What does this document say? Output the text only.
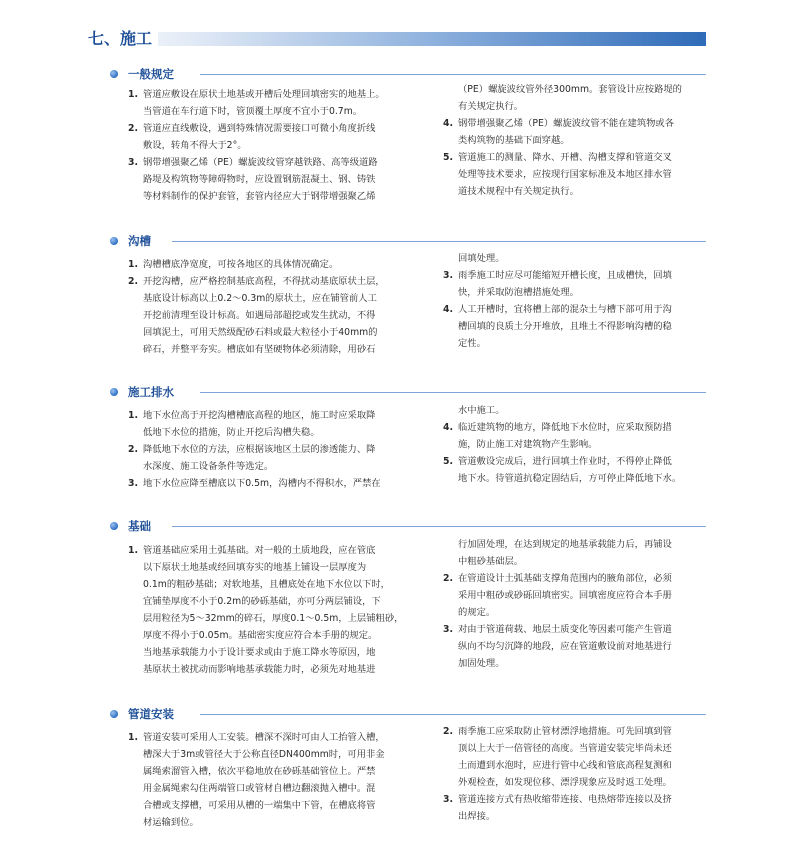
七、施工
一般规定
1. 管道应敷设在原状土地基或开槽后处理回填密实的地基上。
当管道在车行道下时，管顶覆土厚度不宜小于0.7m。
2. 管道应直线敷设，遇到特殊情况需要接口可微小角度折线
敷设，转角不得大于2°。
3. 钢带增强聚乙烯（PE）螺旋波纹管穿越铁路、高等级道路
路堤及构筑物等障碍物时，应设置钢筋混凝土、钢、铸铁
等材料制作的保护套管，套管内径应大于钢带增强聚乙烯
（PE）螺旋波纹管外径300mm。套管设计应按路堤的
有关规定执行。
4. 钢带增强聚乙烯（PE）螺旋波纹管不能在建筑物或各
类构筑物的基础下面穿越。
5. 管道施工的测量、降水、开槽、沟槽支撑和管道交叉
处理等技术要求，应按现行国家标准及本地区排水管
道技术规程中有关规定执行。
沟槽
1. 沟槽槽底净宽度，可按各地区的具体情况确定。
2. 开挖沟槽，应严格控制基底高程，不得扰动基底原状土层，
基底设计标高以上0.2～0.3m的原状土，应在铺管前人工
开挖前清理至设计标高。如遇局部超挖或发生扰动，不得
回填泥土，可用天然级配砂石料或最大粒径小于40mm的
碎石，并整平夯实。槽底如有坚硬物体必须清除，用砂石
回填处理。
3. 雨季施工时应尽可能缩短开槽长度，且成槽快，回填
快，并采取防泡槽措施处理。
4. 人工开槽时，宜将槽上部的混杂土与槽下部可用于沟
槽回填的良质土分开堆放，且堆土不得影响沟槽的稳
定性。
施工排水
1. 地下水位高于开挖沟槽槽底高程的地区，施工时应采取降
低地下水位的措施，防止开挖后沟槽失稳。
2. 降低地下水位的方法，应根据该地区土层的渗透能力、降
水深度、施工设备条件等选定。
3. 地下水位应降至槽底以下0.5m，沟槽内不得积水，严禁在
水中施工。
4. 临近建筑物的地方，降低地下水位时，应采取预防措
施，防止施工对建筑物产生影响。
5. 管道敷设完成后，进行回填土作业时，不得停止降低
地下水。待管道抗稳定固结后，方可停止降低地下水。
基础
1. 管道基础应采用土弧基础。对一般的土质地段，应在管底
以下原状土地基或经回填夯实的地基上铺设一层厚度为
0.1m的粗砂基础；对软地基，且槽底处在地下水位以下时，
宜铺垫厚度不小于0.2m的砂砾基础，亦可分两层铺设，下
层用粒径为5～32mm的碎石，厚度0.1～0.5m，上层铺粗砂，
厚度不得小于0.05m。基础密实度应符合本手册的规定。
当地基承载能力小于设计要求或由于施工降水等原因，地
基原状土被扰动而影响地基承载能力时，必须先对地基进
行加固处理，在达到规定的地基承载能力后，再铺设
中粗砂基础层。
2. 在管道设计土弧基础支撑角范围内的腋角部位，必须
采用中粗砂或砂砾回填密实。回填密度应符合本手册
的规定。
3. 对由于管道荷载、地层土质变化等因素可能产生管道
纵向不均匀沉降的地段，应在管道敷设前对地基进行
加固处理。
管道安装
1. 管道安装可采用人工安装。槽深不深时可由人工抬管入槽，
槽深大于3m或管径大于公称直径DN400mm时，可用非金
属绳索溜管入槽，依次平稳地放在砂砾基础管位上。严禁
用金属绳索勾住两端管口或管材自槽边翻滚抛入槽中。混
合槽或支撑槽，可采用从槽的一端集中下管，在槽底将管
材运输到位。
2. 雨季施工应采取防止管材漂浮地措施。可先回填到管
顶以上大于一倍管径的高度。当管道安装完毕尚未还
土而遭到水泡时，应进行管中心线和管底高程复测和
外观检查，如发现位移、漂浮现象应及时返工处理。
3. 管道连接方式有热收缩带连接、电热熔带连接以及挤
出焊接。
